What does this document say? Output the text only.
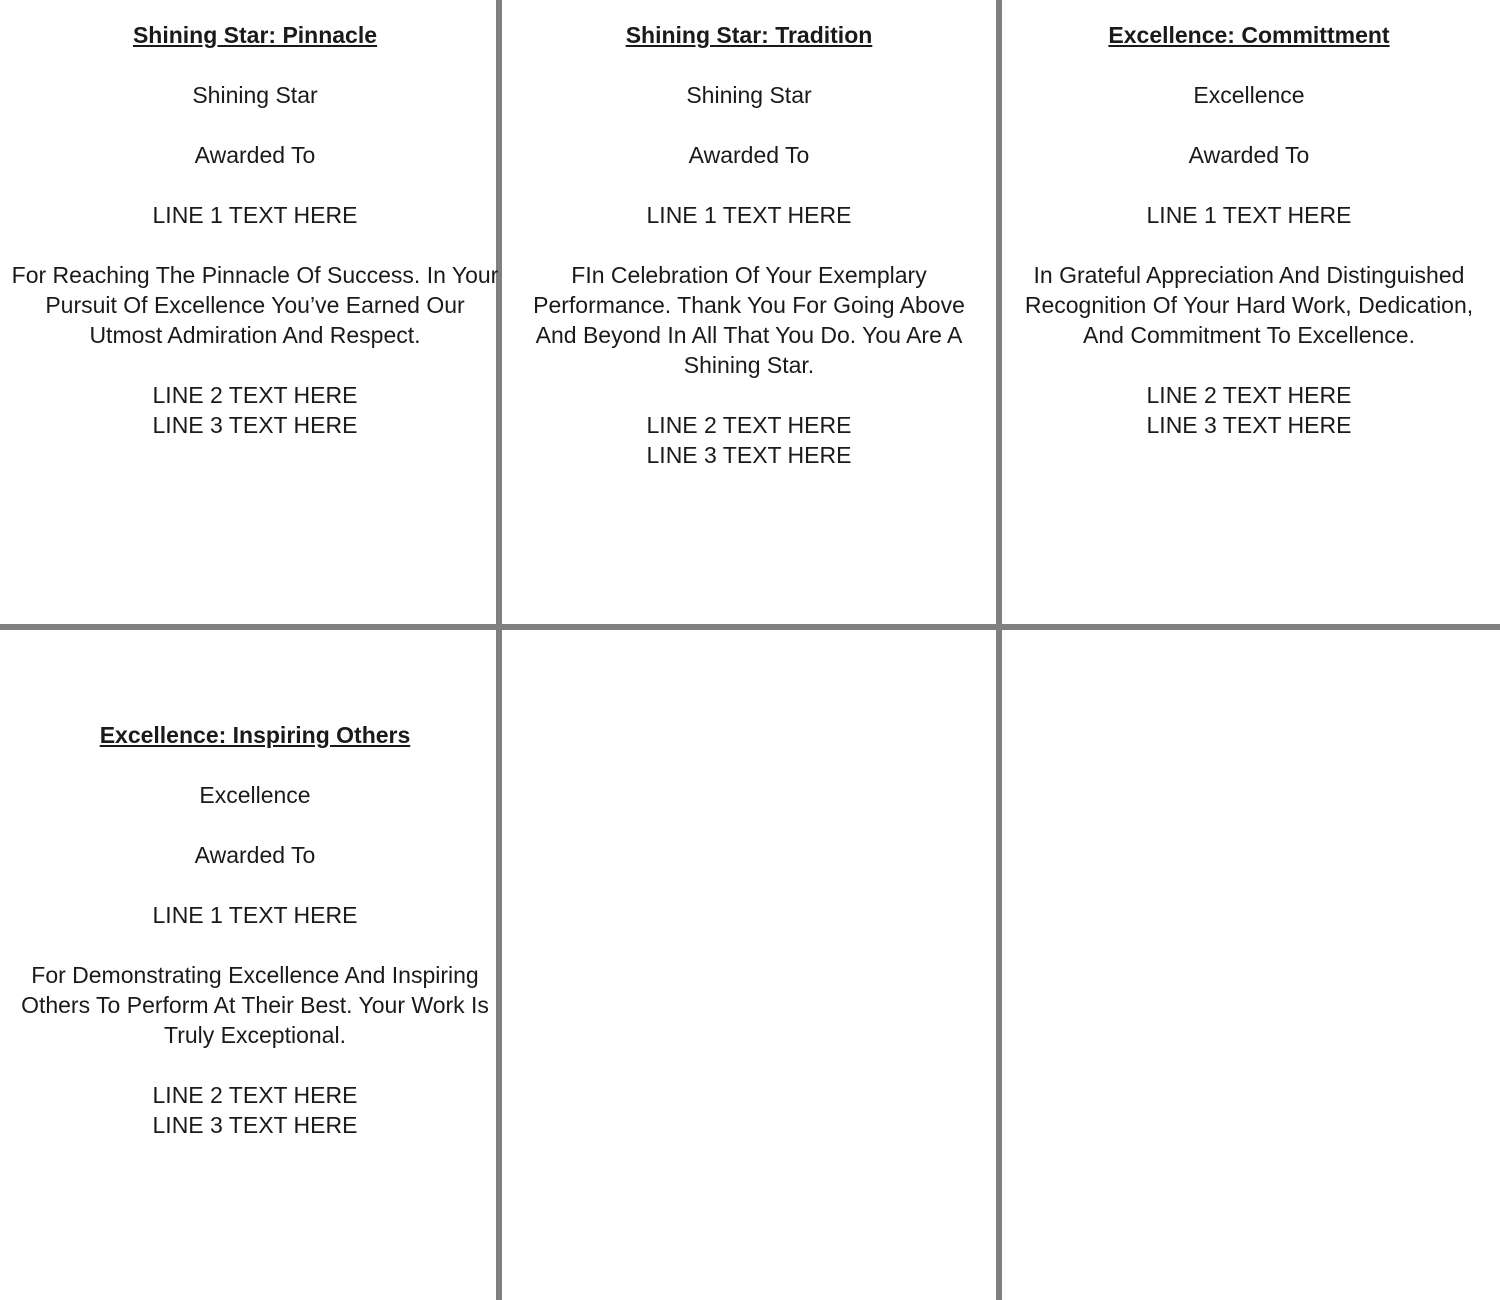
Shining Star: Pinnacle
Shining Star
Awarded To
LINE 1 TEXT HERE
For Reaching The Pinnacle Of Success. In Your
Pursuit Of Excellence You’ve Earned Our
Utmost Admiration And Respect.
LINE 2 TEXT HERE
LINE 3 TEXT HERE
Shining Star: Tradition
Shining Star
Awarded To
LINE 1 TEXT HERE
FIn Celebration Of Your Exemplary
Performance. Thank You For Going Above
And Beyond In All That You Do. You Are A
Shining Star.
LINE 2 TEXT HERE
LINE 3 TEXT HERE
Excellence: Committment
Excellence
Awarded To
LINE 1 TEXT HERE
In Grateful Appreciation And Distinguished
Recognition Of Your Hard Work, Dedication,
And Commitment To Excellence.
LINE 2 TEXT HERE
LINE 3 TEXT HERE
Excellence: Inspiring Others
Excellence
Awarded To
LINE 1 TEXT HERE
For Demonstrating Excellence And Inspiring
Others To Perform At Their Best. Your Work Is
Truly Exceptional.
LINE 2 TEXT HERE
LINE 3 TEXT HERE
